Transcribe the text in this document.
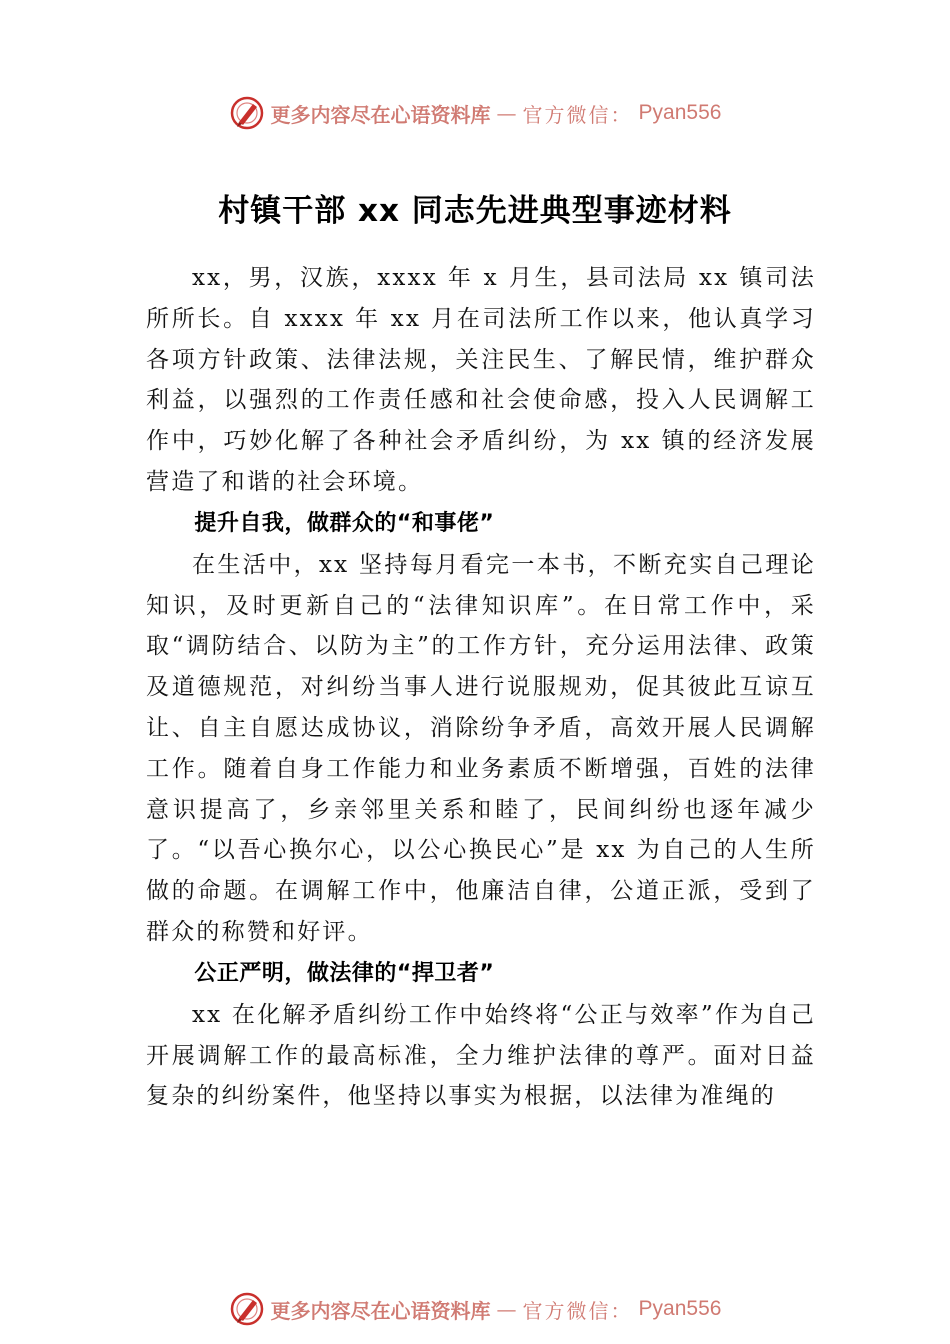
更多内容尽在心语资料库 — 官方微信： Pyan556
村镇干部 xx 同志先进典型事迹材料

xx，男，汉族，xxxx 年 x 月生，县司法局 xx 镇司法所所长。自 xxxx 年 xx 月在司法所工作以来，他认真学习各项方针政策、法律法规，关注民生、了解民情，维护群众利益，以强烈的工作责任感和社会使命感，投入人民调解工作中，巧妙化解了各种社会矛盾纠纷，为 xx 镇的经济发展营造了和谐的社会环境。

提升自我，做群众的“和事佬”

在生活中，xx 坚持每月看完一本书，不断充实自己理论知识，及时更新自己的“法律知识库”。在日常工作中，采取“调防结合、以防为主”的工作方针，充分运用法律、政策及道德规范，对纠纷当事人进行说服规劝，促其彼此互谅互让、自主自愿达成协议，消除纷争矛盾，高效开展人民调解工作。随着自身工作能力和业务素质不断增强，百姓的法律意识提高了，乡亲邻里关系和睦了，民间纠纷也逐年减少了。“以吾心换尔心，以公心换民心”是 xx 为自己的人生所做的命题。在调解工作中，他廉洁自律，公道正派，受到了群众的称赞和好评。

公正严明，做法律的“捍卫者”

xx 在化解矛盾纠纷工作中始终将“公正与效率”作为自己开展调解工作的最高标准，全力维护法律的尊严。面对日益复杂的纠纷案件，他坚持以事实为根据，以法律为准绳的

更多内容尽在心语资料库 — 官方微信： Pyan556
